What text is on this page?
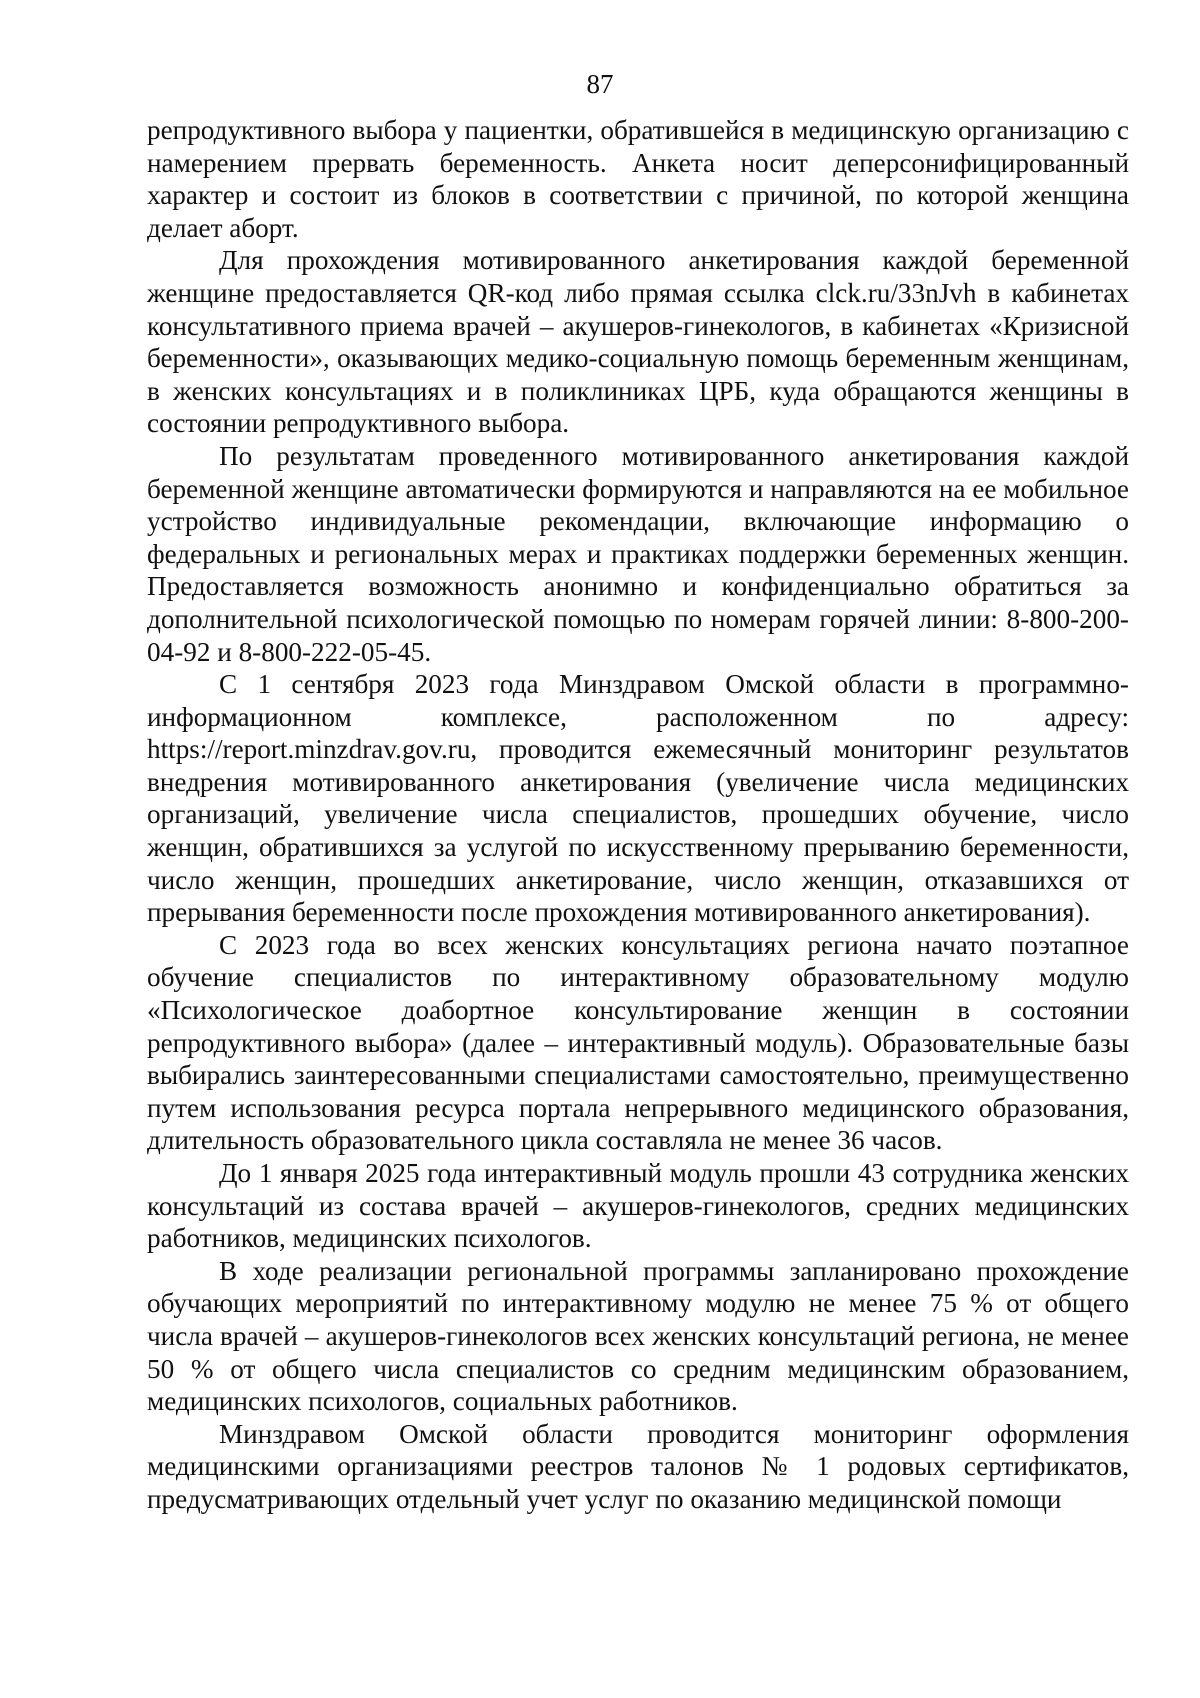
87

репродуктивного выбора у пациентки, обратившейся в медицинскую организацию с намерением прервать беременность. Анкета носит деперсонифицированный характер и состоит из блоков в соответствии с причиной, по которой женщина делает аборт.

Для прохождения мотивированного анкетирования каждой беременной женщине предоставляется QR-код либо прямая ссылка clck.ru/33nJvh в кабинетах консультативного приема врачей – акушеров-гинекологов, в кабинетах «Кризисной беременности», оказывающих медико-социальную помощь беременным женщинам, в женских консультациях и в поликлиниках ЦРБ, куда обращаются женщины в состоянии репродуктивного выбора.

По результатам проведенного мотивированного анкетирования каждой беременной женщине автоматически формируются и направляются на ее мобильное устройство индивидуальные рекомендации, включающие информацию о федеральных и региональных мерах и практиках поддержки беременных женщин. Предоставляется возможность анонимно и конфиденциально обратиться за дополнительной психологической помощью по номерам горячей линии: 8-800-200-04-92 и 8-800-222-05-45.

С 1 сентября 2023 года Минздравом Омской области в программно-информационном комплексе, расположенном по адресу: https://report.minzdrav.gov.ru, проводится ежемесячный мониторинг результатов внедрения мотивированного анкетирования (увеличение числа медицинских организаций, увеличение числа специалистов, прошедших обучение, число женщин, обратившихся за услугой по искусственному прерыванию беременности, число женщин, прошедших анкетирование, число женщин, отказавшихся от прерывания беременности после прохождения мотивированного анкетирования).

С 2023 года во всех женских консультациях региона начато поэтапное обучение специалистов по интерактивному образовательному модулю «Психологическое доабортное консультирование женщин в состоянии репродуктивного выбора» (далее – интерактивный модуль). Образовательные базы выбирались заинтересованными специалистами самостоятельно, преимущественно путем использования ресурса портала непрерывного медицинского образования, длительность образовательного цикла составляла не менее 36 часов.

До 1 января 2025 года интерактивный модуль прошли 43 сотрудника женских консультаций из состава врачей – акушеров-гинекологов, средних медицинских работников, медицинских психологов.

В ходе реализации региональной программы запланировано прохождение обучающих мероприятий по интерактивному модулю не менее 75 % от общего числа врачей – акушеров-гинекологов всех женских консультаций региона, не менее 50 % от общего числа специалистов со средним медицинским образованием, медицинских психологов, социальных работников.

Минздравом Омской области проводится мониторинг оформления медицинскими организациями реестров талонов № 1 родовых сертификатов, предусматривающих отдельный учет услуг по оказанию медицинской помощи
